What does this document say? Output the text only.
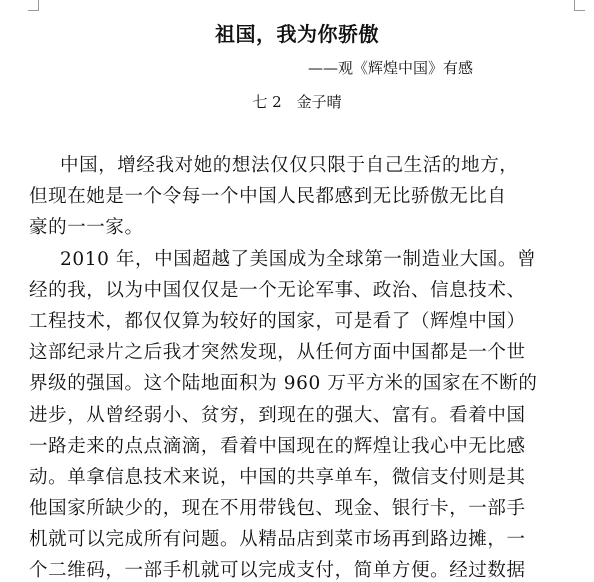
祖国，我为你骄傲
——观《辉煌中国》有感
七 2　金子晴
中国，增经我对她的想法仅仅只限于自己生活的地方，
但现在她是一个令每一个中国人民都感到无比骄傲无比自
豪的一一家。
2010 年，中国超越了美国成为全球第一制造业大国。曾
经的我，以为中国仅仅是一个无论军事、政治、信息技术、
工程技术，都仅仅算为较好的国家，可是看了（辉煌中国）
这部纪录片之后我才突然发现，从任何方面中国都是一个世
界级的强国。这个陆地面积为 960 万平方米的国家在不断的
进步，从曾经弱小、贫穷，到现在的强大、富有。看着中国
一路走来的点点滴滴，看着中国现在的辉煌让我心中无比感
动。单拿信息技术来说，中国的共享单车，微信支付则是其
他国家所缺少的，现在不用带钱包、现金、银行卡，一部手
机就可以完成所有问题。从精品店到菜市场再到路边摊，一
个二维码，一部手机就可以完成支付，简单方便。经过数据
